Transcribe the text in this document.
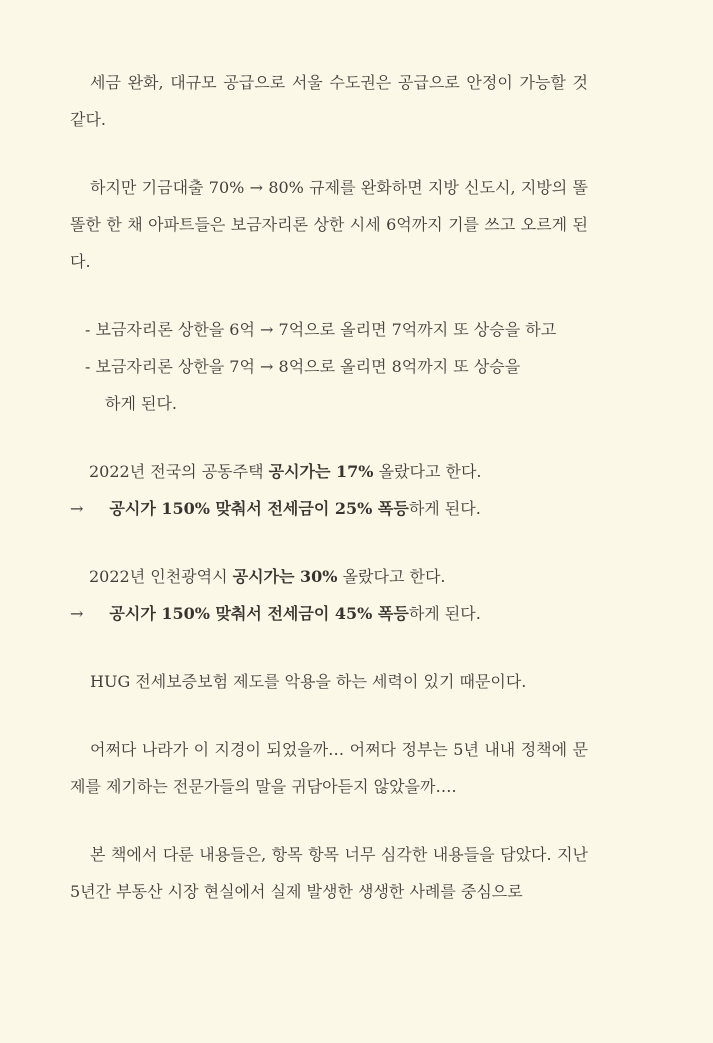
세금 완화, 대규모 공급으로 서울 수도권은 공급으로 안정이 가능할 것 같다.
하지만 기금대출 70% → 80% 규제를 완화하면 지방 신도시, 지방의 똘똘한 한 채 아파트들은 보금자리론 상한 시세 6억까지 기를 쓰고 오르게 된다.
- 보금자리론 상한을 6억 → 7억으로 올리면 7억까지 또 상승을 하고
- 보금자리론 상한을 7억 → 8억으로 올리면 8억까지 또 상승을
하게 된다.
2022년 전국의 공동주택 공시가는 17% 올랐다고 한다.
→ 공시가 150% 맞춰서 전세금이 25% 폭등하게 된다.
2022년 인천광역시 공시가는 30% 올랐다고 한다.
→ 공시가 150% 맞춰서 전세금이 45% 폭등하게 된다.
HUG 전세보증보험 제도를 악용을 하는 세력이 있기 때문이다.
어쩌다 나라가 이 지경이 되었을까… 어쩌다 정부는 5년 내내 정책에 문제를 제기하는 전문가들의 말을 귀담아듣지 않았을까….
본 책에서 다룬 내용들은, 항목 항목 너무 심각한 내용들을 담았다. 지난 5년간 부동산 시장 현실에서 실제 발생한 생생한 사례를 중심으로
